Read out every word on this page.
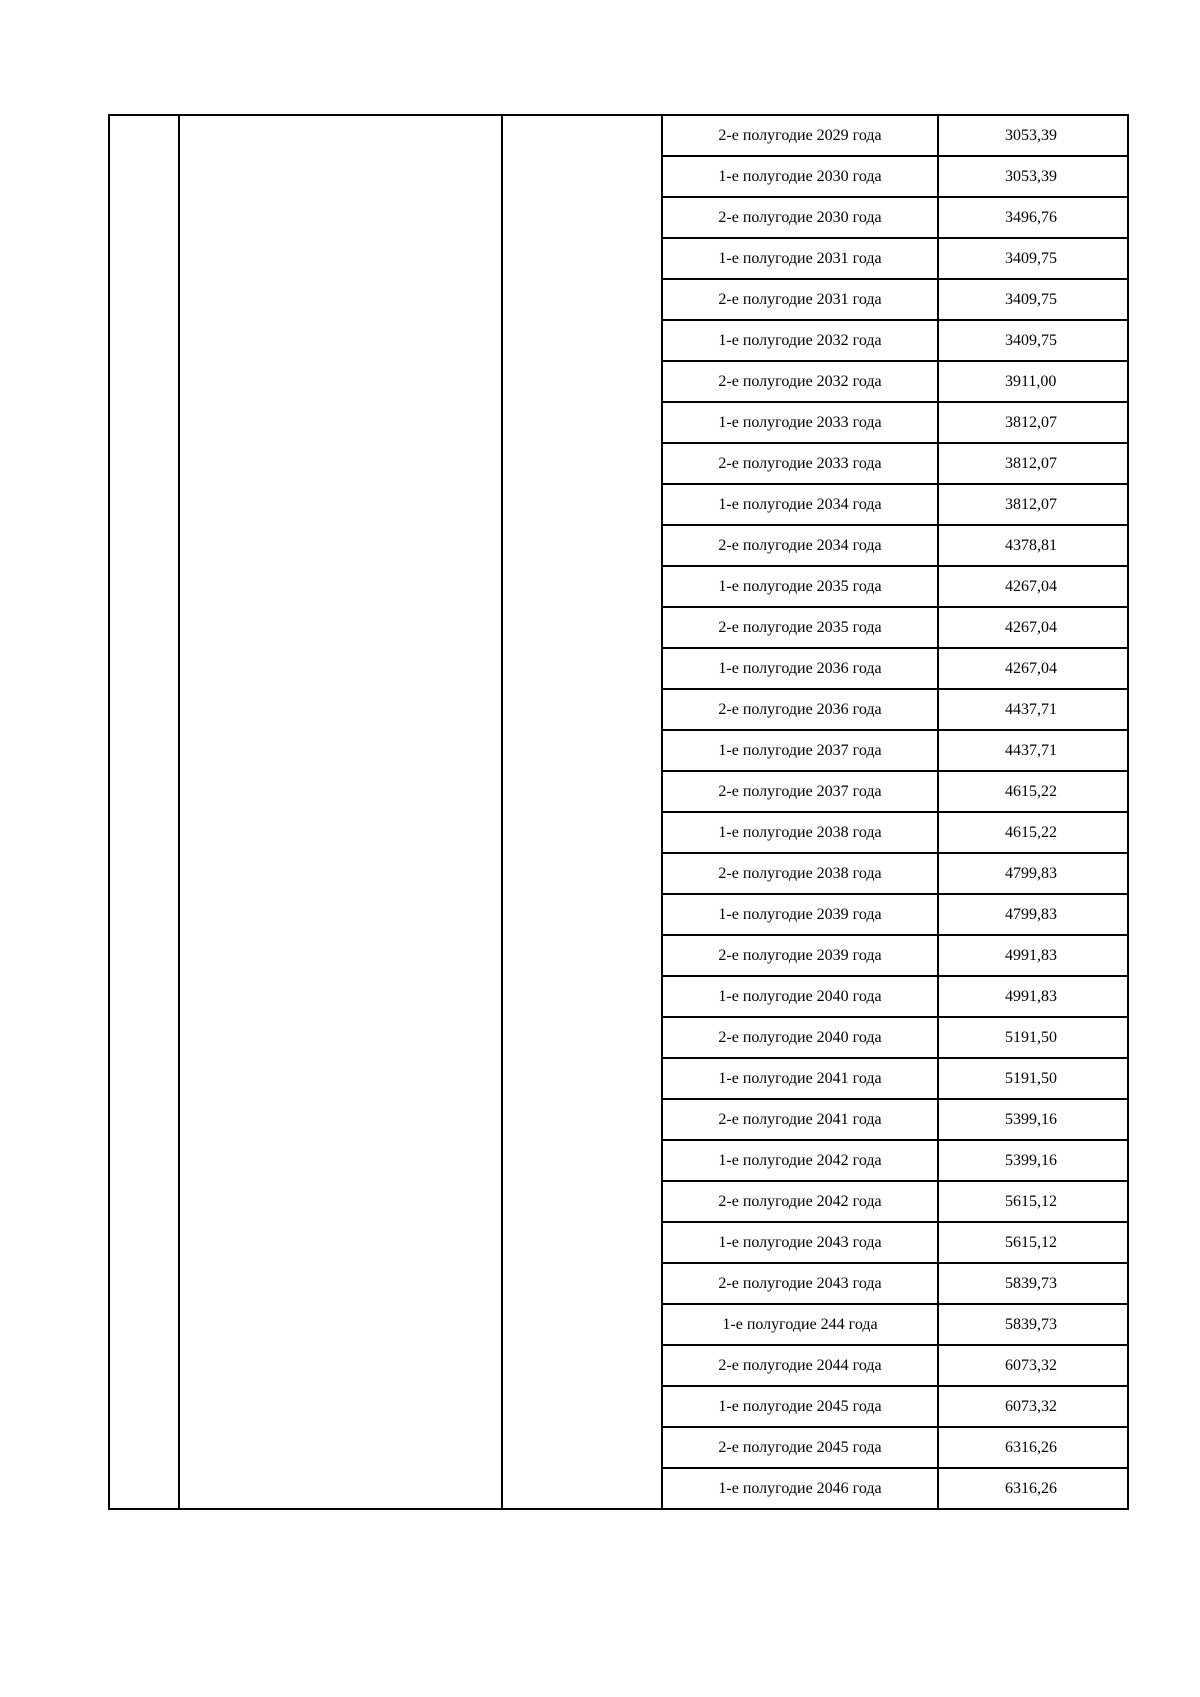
			2-е полугодие 2029 года	3053,39
			1-е полугодие 2030 года	3053,39
			2-е полугодие 2030 года	3496,76
			1-е полугодие 2031 года	3409,75
			2-е полугодие 2031 года	3409,75
			1-е полугодие 2032 года	3409,75
			2-е полугодие 2032 года	3911,00
			1-е полугодие 2033 года	3812,07
			2-е полугодие 2033 года	3812,07
			1-е полугодие 2034 года	3812,07
			2-е полугодие 2034 года	4378,81
			1-е полугодие 2035 года	4267,04
			2-е полугодие 2035 года	4267,04
			1-е полугодие 2036 года	4267,04
			2-е полугодие 2036 года	4437,71
			1-е полугодие 2037 года	4437,71
			2-е полугодие 2037 года	4615,22
			1-е полугодие 2038 года	4615,22
			2-е полугодие 2038 года	4799,83
			1-е полугодие 2039 года	4799,83
			2-е полугодие 2039 года	4991,83
			1-е полугодие 2040 года	4991,83
			2-е полугодие 2040 года	5191,50
			1-е полугодие 2041 года	5191,50
			2-е полугодие 2041 года	5399,16
			1-е полугодие 2042 года	5399,16
			2-е полугодие 2042 года	5615,12
			1-е полугодие 2043 года	5615,12
			2-е полугодие 2043 года	5839,73
			1-е полугодие 244 года	5839,73
			2-е полугодие 2044 года	6073,32
			1-е полугодие 2045 года	6073,32
			2-е полугодие 2045 года	6316,26
			1-е полугодие 2046 года	6316,26
